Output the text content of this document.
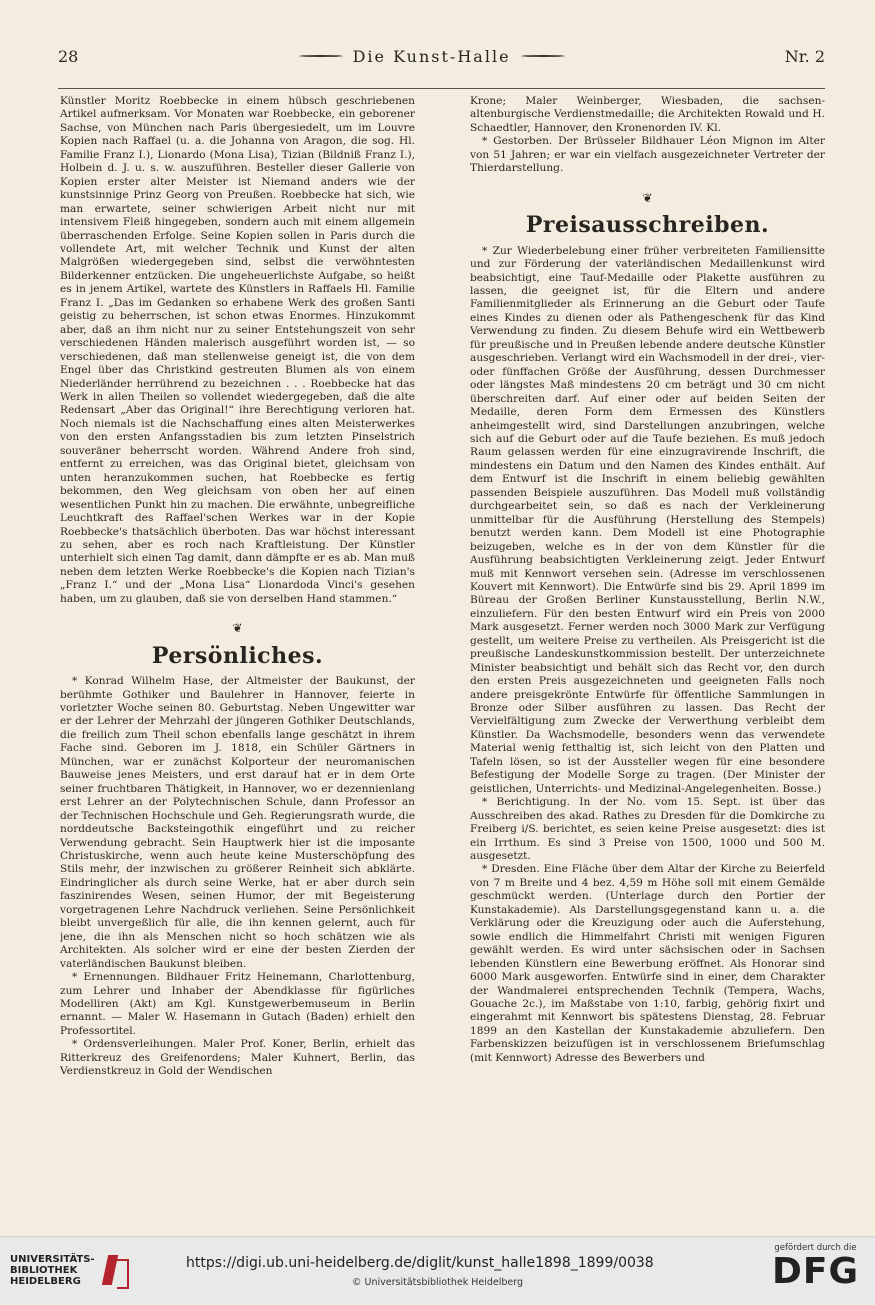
28	Die Kunst-Halle	Nr. 2

Künstler Moritz Roebbecke in einem hübsch geschriebenen Artikel aufmerksam. Vor Monaten war Roebbecke, ein geborener Sachse, von München nach Paris übergesiedelt, um im Louvre Kopien nach Raffael (u. a. die Johanna von Aragon, die sog. Hl. Familie Franz I.), Lionardo (Mona Lisa), Tizian (Bildniß Franz I.), Holbein d. J. u. s. w. auszuführen. Besteller dieser Gallerie von Kopien erster alter Meister ist Niemand anders wie der kunstsinnige Prinz Georg von Preußen. Roebbecke hat sich, wie man erwartete, seiner schwierigen Arbeit nicht nur mit intensivem Fleiß hingegeben, sondern auch mit einem allgemein überraschenden Erfolge. Seine Kopien sollen in Paris durch die vollendete Art, mit welcher Technik und Kunst der alten Malgrößen wiedergegeben sind, selbst die verwöhntesten Bilderkenner entzücken. Die ungeheuerlichste Aufgabe, so heißt es in jenem Artikel, wartete des Künstlers in Raffaels Hl. Familie Franz I. „Das im Gedanken so erhabene Werk des großen Santi geistig zu beherrschen, ist schon etwas Enormes. Hinzukommt aber, daß an ihm nicht nur zu seiner Entstehungszeit von sehr verschiedenen Händen malerisch ausgeführt worden ist, — so verschiedenen, daß man stellenweise geneigt ist, die von dem Engel über das Christkind gestreuten Blumen als von einem Niederländer herrührend zu bezeichnen . . . Roebbecke hat das Werk in allen Theilen so vollendet wiedergegeben, daß die alte Redensart „Aber das Original!“ ihre Berechtigung verloren hat. Noch niemals ist die Nachschaffung eines alten Meisterwerkes von den ersten Anfangsstadien bis zum letzten Pinselstrich souveräner beherrscht worden. Während Andere froh sind, entfernt zu erreichen, was das Original bietet, gleichsam von unten heranzukommen suchen, hat Roebbecke es fertig bekommen, den Weg gleichsam von oben her auf einen wesentlichen Punkt hin zu machen. Die erwähnte, unbegreifliche Leuchtkraft des Raffael'schen Werkes war in der Kopie Roebbecke's thatsächlich überboten. Das war höchst interessant zu sehen, aber es roch nach Kraftleistung. Der Künstler unterhielt sich einen Tag damit, dann dämpfte er es ab. Man muß neben dem letzten Werke Roebbecke's die Kopien nach Tizian's „Franz I.“ und der „Mona Lisa“ Lionardoda Vinci's gesehen haben, um zu glauben, daß sie von derselben Hand stammen.“

❦
Persönliches.

* Konrad Wilhelm Hase, der Altmeister der Baukunst, der berühmte Gothiker und Baulehrer in Hannover, feierte in vorletzter Woche seinen 80. Geburtstag. Neben Ungewitter war er der Lehrer der Mehrzahl der jüngeren Gothiker Deutschlands, die freilich zum Theil schon ebenfalls lange geschätzt in ihrem Fache sind. Geboren im J. 1818, ein Schüler Gärtners in München, war er zunächst Kolporteur der neuromanischen Bauweise jenes Meisters, und erst darauf hat er in dem Orte seiner fruchtbaren Thätigkeit, in Hannover, wo er dezennienlang erst Lehrer an der Polytechnischen Schule, dann Professor an der Technischen Hochschule und Geh. Regierungsrath wurde, die norddeutsche Backsteingothik eingeführt und zu reicher Verwendung gebracht. Sein Hauptwerk hier ist die imposante Christuskirche, wenn auch heute keine Musterschöpfung des Stils mehr, der inzwischen zu größerer Reinheit sich abklärte. Eindringlicher als durch seine Werke, hat er aber durch sein faszinirendes Wesen, seinen Humor, der mit Begeisterung vorgetragenen Lehre Nachdruck verliehen. Seine Persönlichkeit bleibt unvergeßlich für alle, die ihn kennen gelernt, auch für jene, die ihn als Menschen nicht so hoch schätzen wie als Architekten. Als solcher wird er eine der besten Zierden der vaterländischen Baukunst bleiben.

* Ernennungen. Bildhauer Fritz Heinemann, Charlottenburg, zum Lehrer und Inhaber der Abendklasse für figürliches Modelliren (Akt) am Kgl. Kunstgewerbemuseum in Berlin ernannt. — Maler W. Hasemann in Gutach (Baden) erhielt den Professortitel.

* Ordensverleihungen. Maler Prof. Koner, Berlin, erhielt das Ritterkreuz des Greifenordens; Maler Kuhnert, Berlin, das Verdienstkreuz in Gold der Wendischen

Krone; Maler Weinberger, Wiesbaden, die sachsen-altenburgische Verdienstmedaille; die Architekten Rowald und H. Schaedtler, Hannover, den Kronenorden IV. Kl.

* Gestorben. Der Brüsseler Bildhauer Léon Mignon im Alter von 51 Jahren; er war ein vielfach ausgezeichneter Vertreter der Thierdarstellung.

❦
Preisausschreiben.

* Zur Wiederbelebung einer früher verbreiteten Familiensitte und zur Förderung der vaterländischen Medaillenkunst wird beabsichtigt, eine Tauf-Medaille oder Plakette ausführen zu lassen, die geeignet ist, für die Eltern und andere Familienmitglieder als Erinnerung an die Geburt oder Taufe eines Kindes zu dienen oder als Pathengeschenk für das Kind Verwendung zu finden. Zu diesem Behufe wird ein Wettbewerb für preußische und in Preußen lebende andere deutsche Künstler ausgeschrieben. Verlangt wird ein Wachsmodell in der drei-, vier- oder fünffachen Größe der Ausführung, dessen Durchmesser oder längstes Maß mindestens 20 cm beträgt und 30 cm nicht überschreiten darf. Auf einer oder auf beiden Seiten der Medaille, deren Form dem Ermessen des Künstlers anheimgestellt wird, sind Darstellungen anzubringen, welche sich auf die Geburt oder auf die Taufe beziehen. Es muß jedoch Raum gelassen werden für eine einzugravirende Inschrift, die mindestens ein Datum und den Namen des Kindes enthält. Auf dem Entwurf ist die Inschrift in einem beliebig gewählten passenden Beispiele auszuführen. Das Modell muß vollständig durchgearbeitet sein, so daß es nach der Verkleinerung unmittelbar für die Ausführung (Herstellung des Stempels) benutzt werden kann. Dem Modell ist eine Photographie beizugeben, welche es in der von dem Künstler für die Ausführung beabsichtigten Verkleinerung zeigt. Jeder Entwurf muß mit Kennwort versehen sein. (Adresse im verschlossenen Kouvert mit Kennwort). Die Entwürfe sind bis 29. April 1899 im Büreau der Großen Berliner Kunstausstellung, Berlin N.W., einzuliefern. Für den besten Entwurf wird ein Preis von 2000 Mark ausgesetzt. Ferner werden noch 3000 Mark zur Verfügung gestellt, um weitere Preise zu vertheilen. Als Preisgericht ist die preußische Landeskunstkommission bestellt. Der unterzeichnete Minister beabsichtigt und behält sich das Recht vor, den durch den ersten Preis ausgezeichneten und geeigneten Falls noch andere preisgekrönte Entwürfe für öffentliche Sammlungen in Bronze oder Silber ausführen zu lassen. Das Recht der Vervielfältigung zum Zwecke der Verwerthung verbleibt dem Künstler. Da Wachsmodelle, besonders wenn das verwendete Material wenig fetthaltig ist, sich leicht von den Platten und Tafeln lösen, so ist der Aussteller wegen für eine besondere Befestigung der Modelle Sorge zu tragen. (Der Minister der geistlichen, Unterrichts- und Medizinal-Angelegenheiten. Bosse.)

* Berichtigung. In der No. vom 15. Sept. ist über das Ausschreiben des akad. Rathes zu Dresden für die Domkirche zu Freiberg i/S. berichtet, es seien keine Preise ausgesetzt: dies ist ein Irrthum. Es sind 3 Preise von 1500, 1000 und 500 M. ausgesetzt.

* Dresden. Eine Fläche über dem Altar der Kirche zu Beierfeld von 7 m Breite und 4 bez. 4,59 m Höhe soll mit einem Gemälde geschmückt werden. (Unterlage durch den Portier der Kunstakademie). Als Darstellungsgegenstand kann u. a. die Verklärung oder die Kreuzigung oder auch die Auferstehung, sowie endlich die Himmelfahrt Christi mit wenigen Figuren gewählt werden. Es wird unter sächsischen oder in Sachsen lebenden Künstlern eine Bewerbung eröffnet. Als Honorar sind 6000 Mark ausgeworfen. Entwürfe sind in einer, dem Charakter der Wandmalerei entsprechenden Technik (Tempera, Wachs, Gouache 2c.), im Maßstabe von 1:10, farbig, gehörig fixirt und eingerahmt mit Kennwort bis spätestens Dienstag, 28. Februar 1899 an den Kastellan der Kunstakademie abzuliefern. Den Farbenskizzen beizufügen ist in verschlossenem Briefumschlag (mit Kennwort) Adresse des Bewerbers und

UNIVERSITÄTS-
BIBLIOTHEK
HEIDELBERG
https://digi.ub.uni-heidelberg.de/diglit/kunst_halle1898_1899/0038
© Universitätsbibliothek Heidelberg
gefördert durch die
DFG
